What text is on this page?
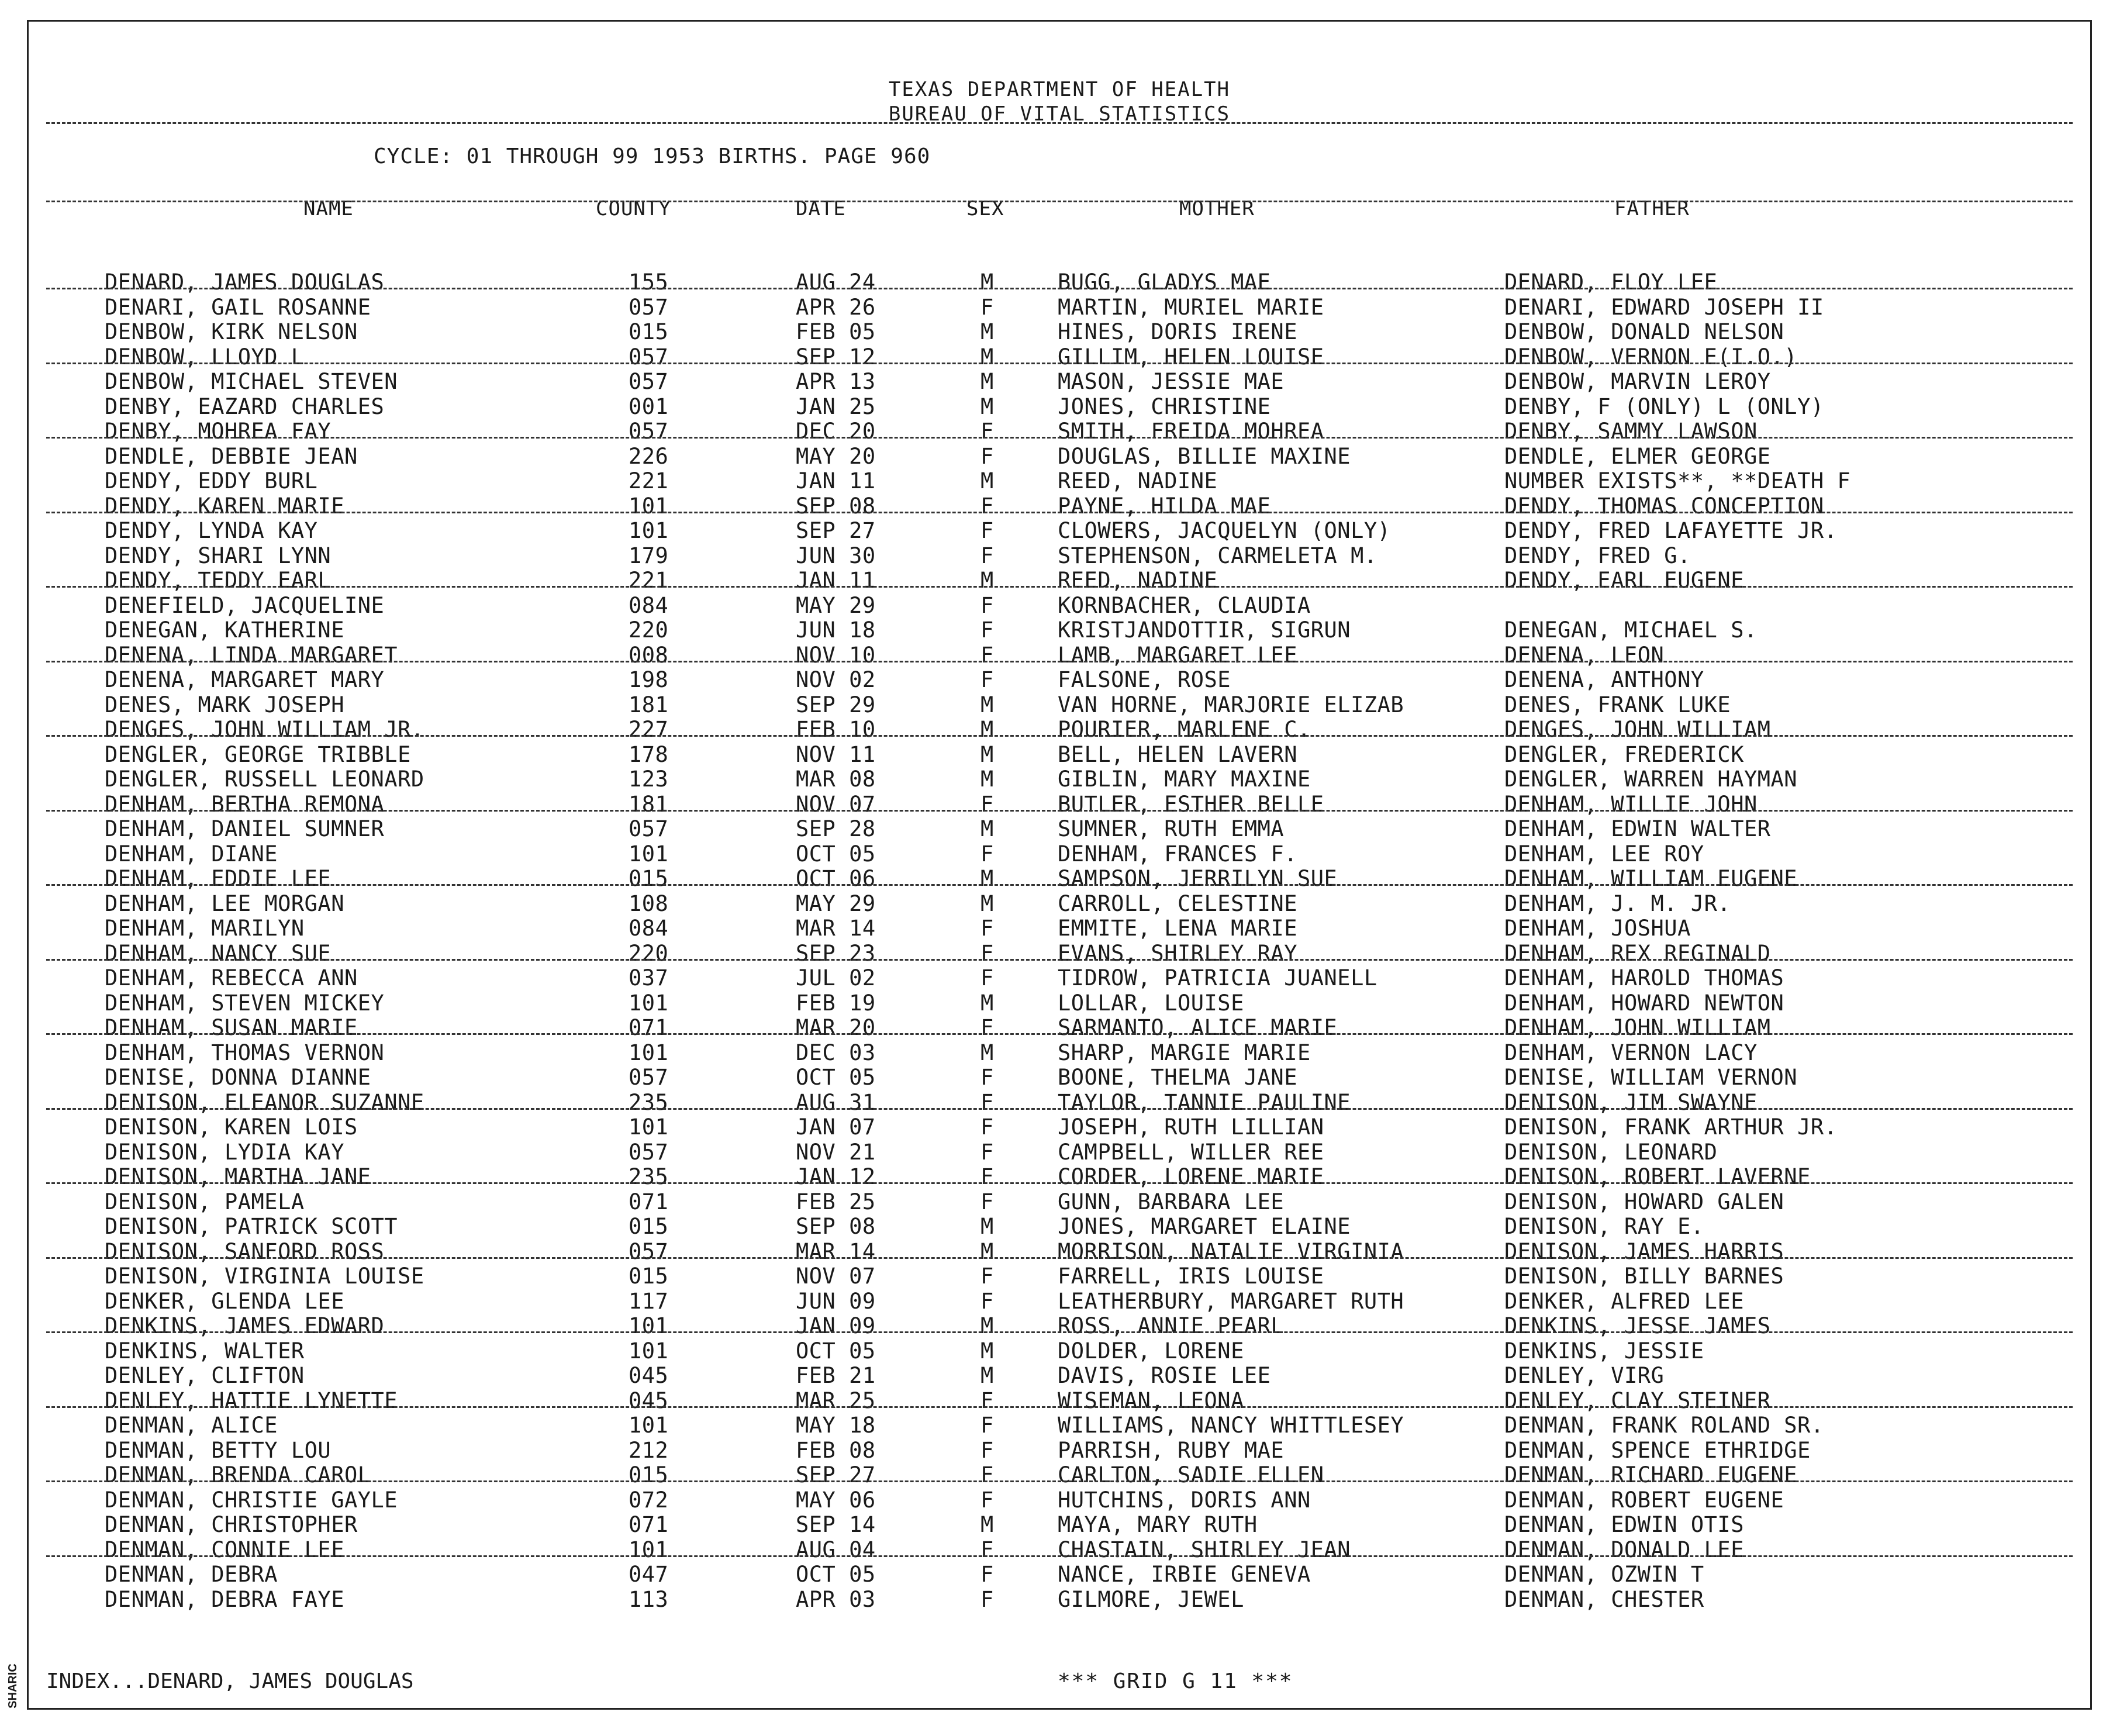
SHARIC
TEXAS DEPARTMENT OF HEALTH
BUREAU OF VITAL STATISTICS
CYCLE: 01 THROUGH 99 1953 BIRTHS. PAGE 960
NAME	COUNTY	DATE	SEX	MOTHER	FATHER
DENARD, JAMES DOUGLAS	155	AUG 24	M	BUGG, GLADYS MAE	DENARD, FLOY LEE
DENARI, GAIL ROSANNE	057	APR 26	F	MARTIN, MURIEL MARIE	DENARI, EDWARD JOSEPH II
DENBOW, KIRK NELSON	015	FEB 05	M	HINES, DORIS IRENE	DENBOW, DONALD NELSON
DENBOW, LLOYD L	057	SEP 12	M	GILLIM, HELEN LOUISE	DENBOW, VERNON E(I.O.)
DENBOW, MICHAEL STEVEN	057	APR 13	M	MASON, JESSIE MAE	DENBOW, MARVIN LEROY
DENBY, EAZARD CHARLES	001	JAN 25	M	JONES, CHRISTINE	DENBY, F (ONLY) L (ONLY)
DENBY, MOHREA FAY	057	DEC 20	F	SMITH, FREIDA MOHREA	DENBY, SAMMY LAWSON
DENDLE, DEBBIE JEAN	226	MAY 20	F	DOUGLAS, BILLIE MAXINE	DENDLE, ELMER GEORGE
DENDY, EDDY BURL	221	JAN 11	M	REED, NADINE	NUMBER EXISTS**, **DEATH F
DENDY, KAREN MARIE	101	SEP 08	F	PAYNE, HILDA MAE	DENDY, THOMAS CONCEPTION
DENDY, LYNDA KAY	101	SEP 27	F	CLOWERS, JACQUELYN (ONLY)	DENDY, FRED LAFAYETTE JR.
DENDY, SHARI LYNN	179	JUN 30	F	STEPHENSON, CARMELETA M.	DENDY, FRED G.
DENDY, TEDDY EARL	221	JAN 11	M	REED, NADINE	DENDY, EARL EUGENE
DENEFIELD, JACQUELINE	084	MAY 29	F	KORNBACHER, CLAUDIA
DENEGAN, KATHERINE	220	JUN 18	F	KRISTJANDOTTIR, SIGRUN	DENEGAN, MICHAEL S.
DENENA, LINDA MARGARET	008	NOV 10	F	LAMB, MARGARET LEE	DENENA, LEON
DENENA, MARGARET MARY	198	NOV 02	F	FALSONE, ROSE	DENENA, ANTHONY
DENES, MARK JOSEPH	181	SEP 29	M	VAN HORNE, MARJORIE ELIZAB	DENES, FRANK LUKE
DENGES, JOHN WILLIAM JR.	227	FEB 10	M	POURIER, MARLENE C.	DENGES, JOHN WILLIAM
DENGLER, GEORGE TRIBBLE	178	NOV 11	M	BELL, HELEN LAVERN	DENGLER, FREDERICK
DENGLER, RUSSELL LEONARD	123	MAR 08	M	GIBLIN, MARY MAXINE	DENGLER, WARREN HAYMAN
DENHAM, BERTHA REMONA	181	NOV 07	F	BUTLER, ESTHER BELLE	DENHAM, WILLIE JOHN
DENHAM, DANIEL SUMNER	057	SEP 28	M	SUMNER, RUTH EMMA	DENHAM, EDWIN WALTER
DENHAM, DIANE	101	OCT 05	F	DENHAM, FRANCES F.	DENHAM, LEE ROY
DENHAM, EDDIE LEE	015	OCT 06	M	SAMPSON, JERRILYN SUE	DENHAM, WILLIAM EUGENE
DENHAM, LEE MORGAN	108	MAY 29	M	CARROLL, CELESTINE	DENHAM, J. M. JR.
DENHAM, MARILYN	084	MAR 14	F	EMMITE, LENA MARIE	DENHAM, JOSHUA
DENHAM, NANCY SUE	220	SEP 23	F	EVANS, SHIRLEY RAY	DENHAM, REX REGINALD
DENHAM, REBECCA ANN	037	JUL 02	F	TIDROW, PATRICIA JUANELL	DENHAM, HAROLD THOMAS
DENHAM, STEVEN MICKEY	101	FEB 19	M	LOLLAR, LOUISE	DENHAM, HOWARD NEWTON
DENHAM, SUSAN MARIE	071	MAR 20	F	SARMANTO, ALICE MARIE	DENHAM, JOHN WILLIAM
DENHAM, THOMAS VERNON	101	DEC 03	M	SHARP, MARGIE MARIE	DENHAM, VERNON LACY
DENISE, DONNA DIANNE	057	OCT 05	F	BOONE, THELMA JANE	DENISE, WILLIAM VERNON
DENISON, ELEANOR SUZANNE	235	AUG 31	F	TAYLOR, TANNIE PAULINE	DENISON, JIM SWAYNE
DENISON, KAREN LOIS	101	JAN 07	F	JOSEPH, RUTH LILLIAN	DENISON, FRANK ARTHUR JR.
DENISON, LYDIA KAY	057	NOV 21	F	CAMPBELL, WILLER REE	DENISON, LEONARD
DENISON, MARTHA JANE	235	JAN 12	F	CORDER, LORENE MARIE	DENISON, ROBERT LAVERNE
DENISON, PAMELA	071	FEB 25	F	GUNN, BARBARA LEE	DENISON, HOWARD GALEN
DENISON, PATRICK SCOTT	015	SEP 08	M	JONES, MARGARET ELAINE	DENISON, RAY E.
DENISON, SANFORD ROSS	057	MAR 14	M	MORRISON, NATALIE VIRGINIA	DENISON, JAMES HARRIS
DENISON, VIRGINIA LOUISE	015	NOV 07	F	FARRELL, IRIS LOUISE	DENISON, BILLY BARNES
DENKER, GLENDA LEE	117	JUN 09	F	LEATHERBURY, MARGARET RUTH	DENKER, ALFRED LEE
DENKINS, JAMES EDWARD	101	JAN 09	M	ROSS, ANNIE PEARL	DENKINS, JESSE JAMES
DENKINS, WALTER	101	OCT 05	M	DOLDER, LORENE	DENKINS, JESSIE
DENLEY, CLIFTON	045	FEB 21	M	DAVIS, ROSIE LEE	DENLEY, VIRG
DENLEY, HATTIE LYNETTE	045	MAR 25	F	WISEMAN, LEONA	DENLEY, CLAY STEINER
DENMAN, ALICE	101	MAY 18	F	WILLIAMS, NANCY WHITTLESEY	DENMAN, FRANK ROLAND SR.
DENMAN, BETTY LOU	212	FEB 08	F	PARRISH, RUBY MAE	DENMAN, SPENCE ETHRIDGE
DENMAN, BRENDA CAROL	015	SEP 27	F	CARLTON, SADIE ELLEN	DENMAN, RICHARD EUGENE
DENMAN, CHRISTIE GAYLE	072	MAY 06	F	HUTCHINS, DORIS ANN	DENMAN, ROBERT EUGENE
DENMAN, CHRISTOPHER	071	SEP 14	M	MAYA, MARY RUTH	DENMAN, EDWIN OTIS
DENMAN, CONNIE LEE	101	AUG 04	F	CHASTAIN, SHIRLEY JEAN	DENMAN, DONALD LEE
DENMAN, DEBRA	047	OCT 05	F	NANCE, IRBIE GENEVA	DENMAN, OZWIN T
DENMAN, DEBRA FAYE	113	APR 03	F	GILMORE, JEWEL	DENMAN, CHESTER
INDEX...DENARD, JAMES DOUGLAS	*** GRID G 11 ***
